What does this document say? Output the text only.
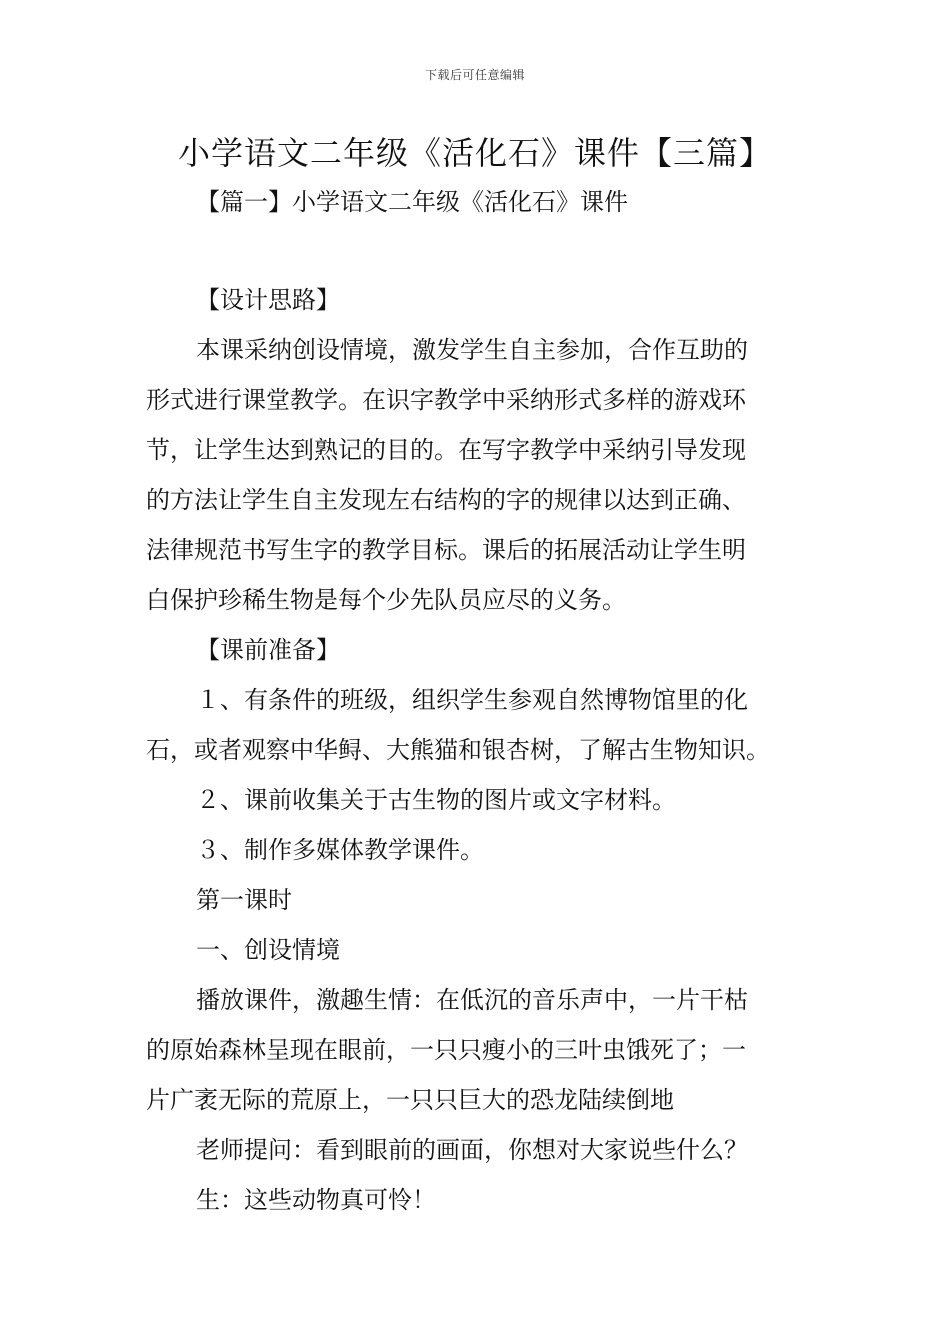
下载后可任意编辑
小学语文二年级《活化石》课件【三篇】
【篇一】小学语文二年级《活化石》课件

【设计思路】

本课采纳创设情境，激发学生自主参加，合作互助的

形式进行课堂教学。在识字教学中采纳形式多样的游戏环

节，让学生达到熟记的目的。在写字教学中采纳引导发现

的方法让学生自主发现左右结构的字的规律以达到正确、

法律规范书写生字的教学目标。课后的拓展活动让学生明

白保护珍稀生物是每个少先队员应尽的义务。

【课前准备】

１、有条件的班级，组织学生参观自然博物馆里的化

石，或者观察中华鲟、大熊猫和银杏树，了解古生物知识。

２、课前收集关于古生物的图片或文字材料。

３、制作多媒体教学课件。

第一课时

一、创设情境

播放课件，激趣生情：在低沉的音乐声中，一片干枯

的原始森林呈现在眼前，一只只瘦小的三叶虫饿死了；一

片广袤无际的荒原上，一只只巨大的恐龙陆续倒地

老师提问：看到眼前的画面，你想对大家说些什么？

生：这些动物真可怜！
